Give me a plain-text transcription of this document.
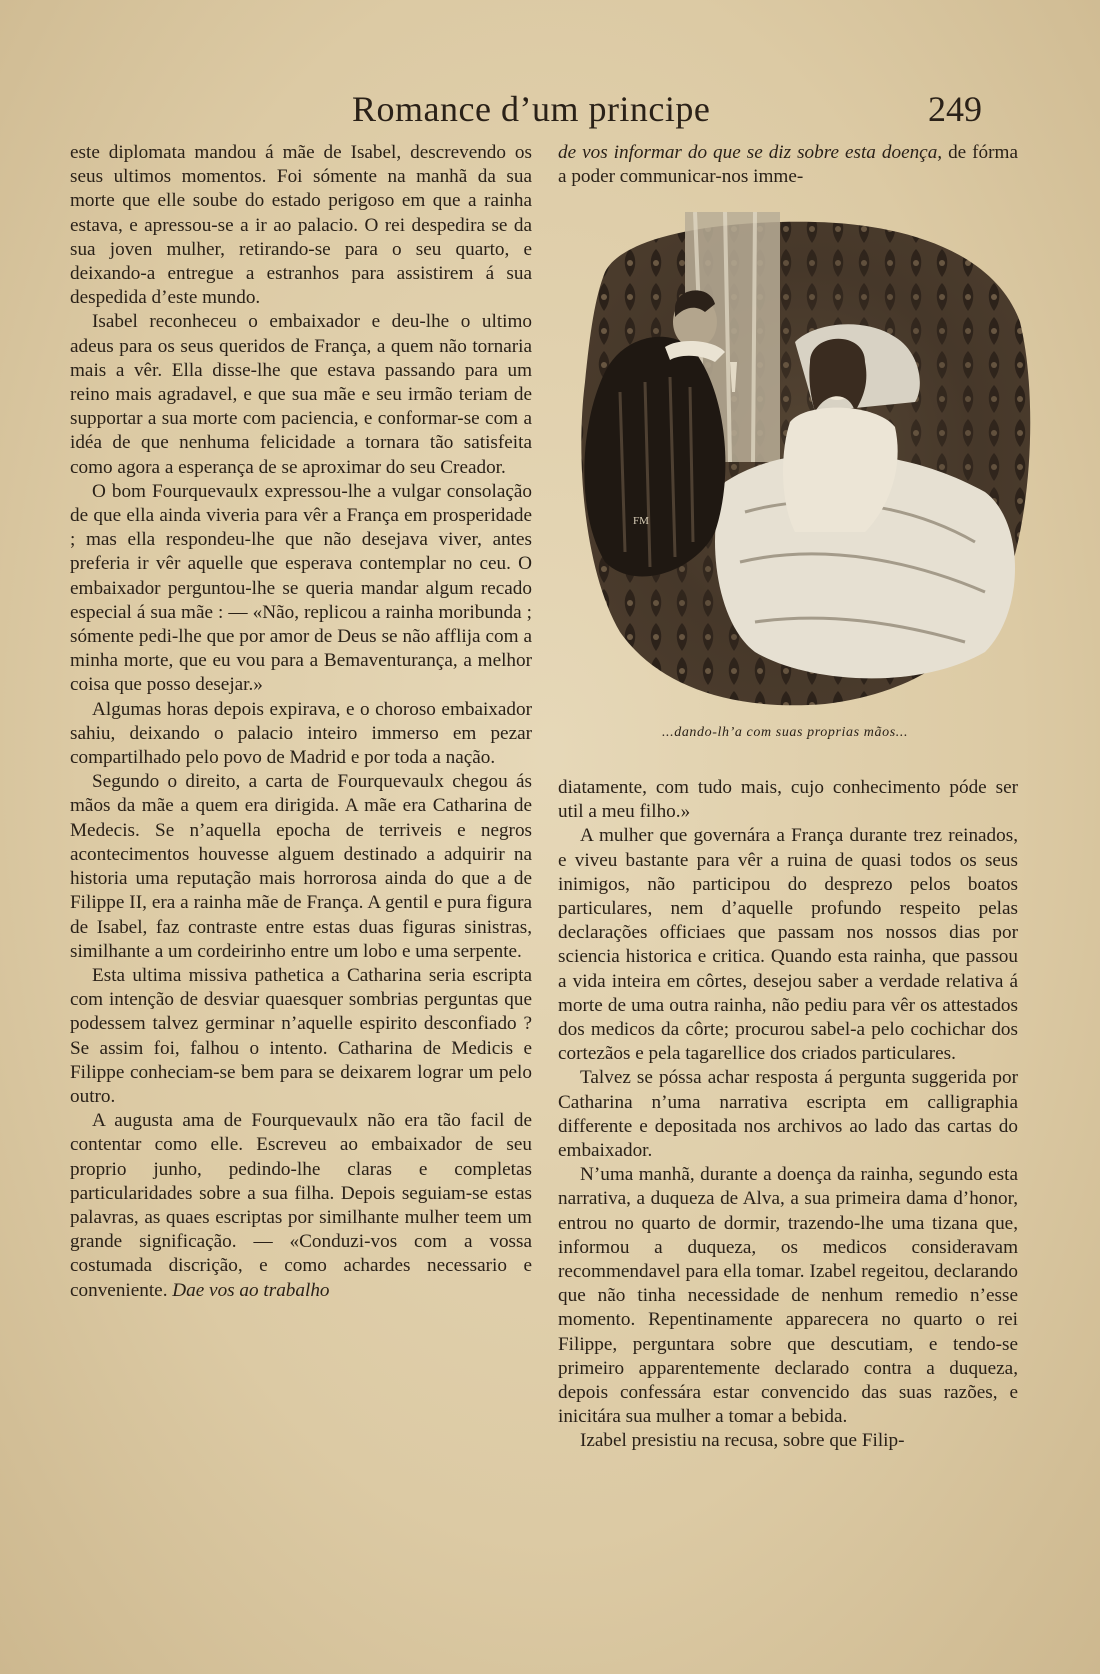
Romance d’um principe	249

este diplomata mandou á mãe de Isabel, descrevendo os seus ultimos momentos. Foi sómente na manhã da sua morte que elle soube do estado perigoso em que a rainha estava, e apressou-se a ir ao palacio. O rei despedira se da sua joven mulher, retirando-se para o seu quarto, e deixando-a entregue a estranhos para assistirem á sua despedida d’este mundo.

Isabel reconheceu o embaixador e deu-lhe o ultimo adeus para os seus queridos de França, a quem não tornaria mais a vêr. Ella disse-lhe que estava passando para um reino mais agradavel, e que sua mãe e seu irmão teriam de supportar a sua morte com paciencia, e conformar-se com a idéa de que nenhuma felicidade a tornara tão satisfeita como agora a esperança de se aproximar do seu Creador.

O bom Fourquevaulx expressou-lhe a vulgar consolação de que ella ainda viveria para vêr a França em prosperidade ; mas ella respondeu-lhe que não desejava viver, antes preferia ir vêr aquelle que esperava contemplar no ceu. O embaixador perguntou-lhe se queria mandar algum recado especial á sua mãe : — «Não, replicou a rainha moribunda ; sómente pedi-lhe que por amor de Deus se não afflija com a minha morte, que eu vou para a Bemaventurança, a melhor coisa que posso desejar.»

Algumas horas depois expirava, e o choroso embaixador sahiu, deixando o palacio inteiro immerso em pezar compartilhado pelo povo de Madrid e por toda a nação.

Segundo o direito, a carta de Fourquevaulx chegou ás mãos da mãe a quem era dirigida. A mãe era Catharina de Medecis. Se n’aquella epocha de terriveis e negros acontecimentos houvesse alguem destinado a adquirir na historia uma reputação mais horrorosa ainda do que a de Filippe II, era a rainha mãe de França. A gentil e pura figura de Isabel, faz contraste entre estas duas figuras sinistras, similhante a um cordeirinho entre um lobo e uma serpente.

Esta ultima missiva pathetica a Catharina seria escripta com intenção de desviar quaesquer sombrias perguntas que podessem talvez germinar n’aquelle espirito desconfiado ? Se assim foi, falhou o intento. Catharina de Medicis e Filippe conheciam-se bem para se deixarem lograr um pelo outro.

A augusta ama de Fourquevaulx não era tão facil de contentar como elle. Escreveu ao embaixador de seu proprio junho, pedindo-lhe claras e completas particularidades sobre a sua filha. Depois seguiam-se estas palavras, as quaes escriptas por similhante mulher teem um grande significação. — «Conduzi-vos com a vossa costumada discrição, e como achardes necessario e conveniente. Dae vos ao trabalho

de vos informar do que se diz sobre esta doença, de fórma a poder communicar-nos imme-

FM
...dando-lh’a com suas proprias mãos...

diatamente, com tudo mais, cujo conhecimento póde ser util a meu filho.»

A mulher que governára a França durante trez reinados, e viveu bastante para vêr a ruina de quasi todos os seus inimigos, não participou do desprezo pelos boatos particulares, nem d’aquelle profundo respeito pelas declarações officiaes que passam nos nossos dias por sciencia historica e critica. Quando esta rainha, que passou a vida inteira em côrtes, desejou saber a verdade relativa á morte de uma outra rainha, não pediu para vêr os attestados dos medicos da côrte; procurou sabel-a pelo cochichar dos cortezãos e pela tagarellice dos criados particulares.

Talvez se póssa achar resposta á pergunta suggerida por Catharina n’uma narrativa escripta em calligraphia differente e depositada nos archivos ao lado das cartas do embaixador.

N’uma manhã, durante a doença da rainha, segundo esta narrativa, a duqueza de Alva, a sua primeira dama d’honor, entrou no quarto de dormir, trazendo-lhe uma tizana que, informou a duqueza, os medicos consideravam recommendavel para ella tomar. Izabel regeitou, declarando que não tinha necessidade de nenhum remedio n’esse momento. Repentinamente apparecera no quarto o rei Filippe, perguntara sobre que descutiam, e tendo-se primeiro apparentemente declarado contra a duqueza, depois confessára estar convencido das suas razões, e inicitára sua mulher a tomar a bebida.

Izabel presistiu na recusa, sobre que Filip-
